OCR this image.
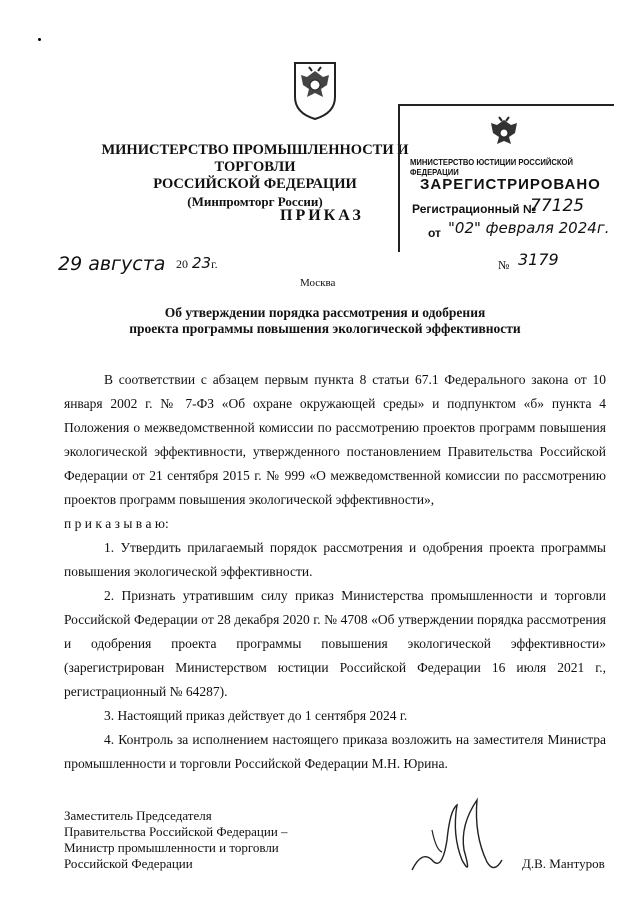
МИНИСТЕРСТВО ПРОМЫШЛЕННОСТИ И ТОРГОВЛИ
РОССИЙСКОЙ ФЕДЕРАЦИИ
(Минпромторг России)
ПРИКАЗ
МИНИСТЕРСТВО ЮСТИЦИИ РОССИЙСКОЙ ФЕДЕРАЦИИ
ЗАРЕГИСТРИРОВАНО
Регистрационный №
77125
от "02" февраля 2024г.
29 августа 20 23г.	№ 3179
Москва
Об утверждении порядка рассмотрения и одобрения
проекта программы повышения экологической эффективности

В соответствии с абзацем первым пункта 8 статьи 67.1 Федерального закона от 10 января 2002 г. № 7-ФЗ «Об охране окружающей среды» и подпунктом «б» пункта 4 Положения о межведомственной комиссии по рассмотрению проектов программ повышения экологической эффективности, утвержденного постановлением Правительства Российской Федерации от 21 сентября 2015 г. № 999 «О межведомственной комиссии по рассмотрению проектов программ повышения экологической эффективности»,

п р и к а з ы в а ю:

1. Утвердить прилагаемый порядок рассмотрения и одобрения проекта программы повышения экологической эффективности.

2. Признать утратившим силу приказ Министерства промышленности и торговли Российской Федерации от 28 декабря 2020 г. № 4708 «Об утверждении порядка рассмотрения и одобрения проекта программы повышения экологической эффективности» (зарегистрирован Министерством юстиции Российской Федерации 16 июля 2021 г., регистрационный № 64287).

3. Настоящий приказ действует до 1 сентября 2024 г.

4. Контроль за исполнением настоящего приказа возложить на заместителя Министра промышленности и торговли Российской Федерации М.Н. Юрина.

Заместитель Председателя
Правительства Российской Федерации –
Министр промышленности и торговли
Российской Федерации	Д.В. Мантуров
